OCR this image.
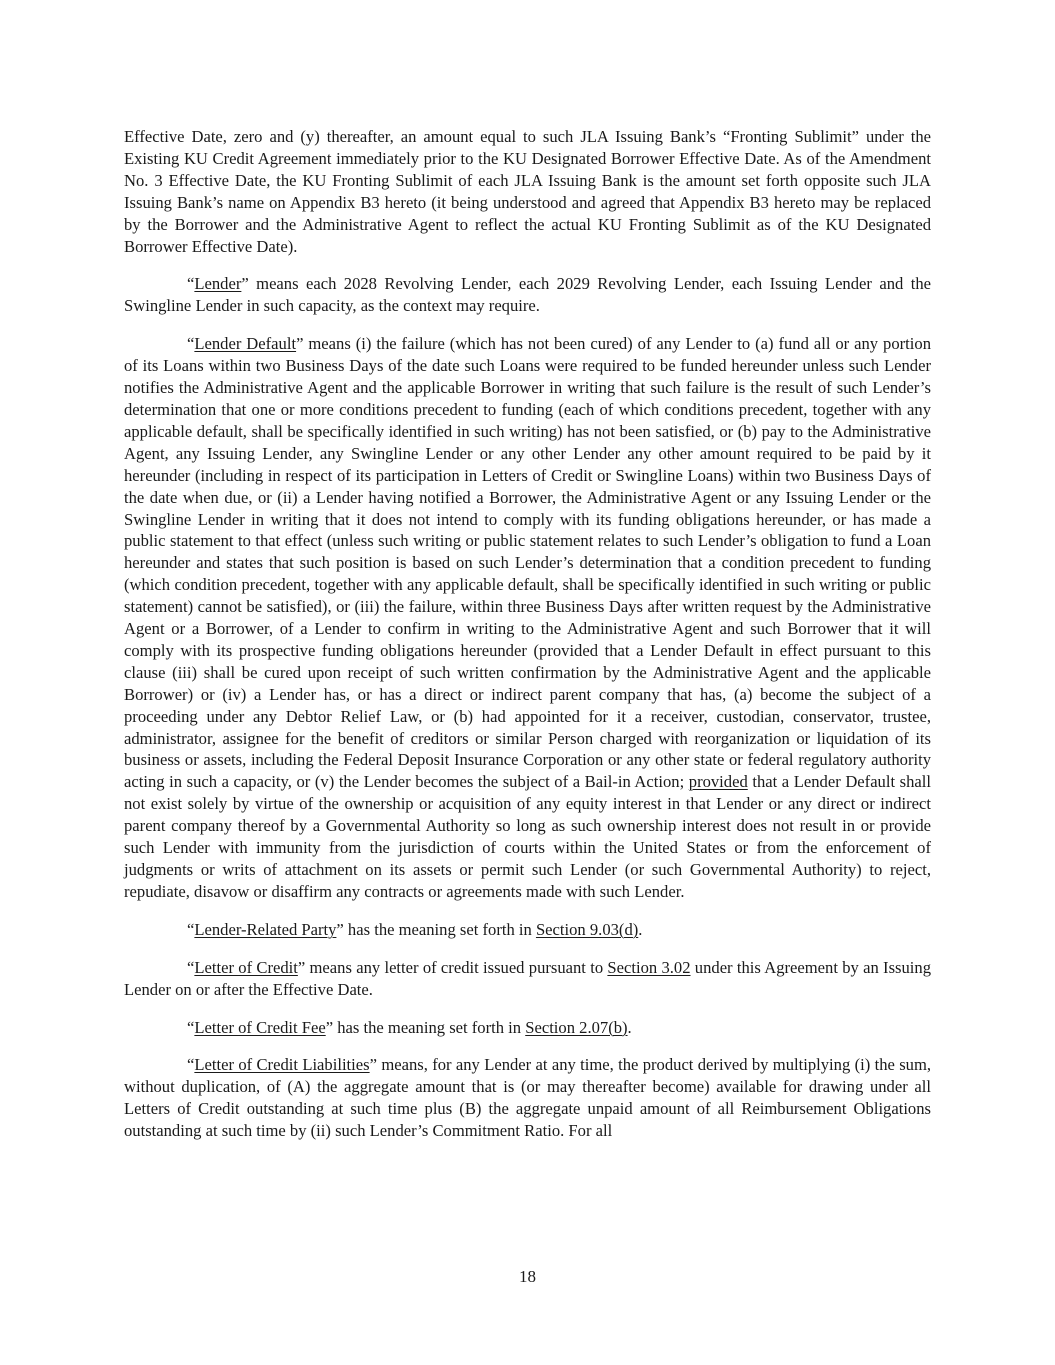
Effective Date, zero and (y) thereafter, an amount equal to such JLA Issuing Bank’s “Fronting Sublimit” under the Existing KU Credit Agreement immediately prior to the KU Designated Borrower Effective Date. As of the Amendment No. 3 Effective Date, the KU Fronting Sublimit of each JLA Issuing Bank is the amount set forth opposite such JLA Issuing Bank’s name on Appendix B3 hereto (it being understood and agreed that Appendix B3 hereto may be replaced by the Borrower and the Administrative Agent to reflect the actual KU Fronting Sublimit as of the KU Designated Borrower Effective Date).

“Lender” means each 2028 Revolving Lender, each 2029 Revolving Lender, each Issuing Lender and the Swingline Lender in such capacity, as the context may require.

“Lender Default” means (i) the failure (which has not been cured) of any Lender to (a) fund all or any portion of its Loans within two Business Days of the date such Loans were required to be funded hereunder unless such Lender notifies the Administrative Agent and the applicable Borrower in writing that such failure is the result of such Lender’s determination that one or more conditions precedent to funding (each of which conditions precedent, together with any applicable default, shall be specifically identified in such writing) has not been satisfied, or (b) pay to the Administrative Agent, any Issuing Lender, any Swingline Lender or any other Lender any other amount required to be paid by it hereunder (including in respect of its participation in Letters of Credit or Swingline Loans) within two Business Days of the date when due, or (ii) a Lender having notified a Borrower, the Administrative Agent or any Issuing Lender or the Swingline Lender in writing that it does not intend to comply with its funding obligations hereunder, or has made a public statement to that effect (unless such writing or public statement relates to such Lender’s obligation to fund a Loan hereunder and states that such position is based on such Lender’s determination that a condition precedent to funding (which condition precedent, together with any applicable default, shall be specifically identified in such writing or public statement) cannot be satisfied), or (iii) the failure, within three Business Days after written request by the Administrative Agent or a Borrower, of a Lender to confirm in writing to the Administrative Agent and such Borrower that it will comply with its prospective funding obligations hereunder (provided that a Lender Default in effect pursuant to this clause (iii) shall be cured upon receipt of such written confirmation by the Administrative Agent and the applicable Borrower) or (iv) a Lender has, or has a direct or indirect parent company that has, (a) become the subject of a proceeding under any Debtor Relief Law, or (b) had appointed for it a receiver, custodian, conservator, trustee, administrator, assignee for the benefit of creditors or similar Person charged with reorganization or liquidation of its business or assets, including the Federal Deposit Insurance Corporation or any other state or federal regulatory authority acting in such a capacity, or (v) the Lender becomes the subject of a Bail-in Action; provided that a Lender Default shall not exist solely by virtue of the ownership or acquisition of any equity interest in that Lender or any direct or indirect parent company thereof by a Governmental Authority so long as such ownership interest does not result in or provide such Lender with immunity from the jurisdiction of courts within the United States or from the enforcement of judgments or writs of attachment on its assets or permit such Lender (or such Governmental Authority) to reject, repudiate, disavow or disaffirm any contracts or agreements made with such Lender.

“Lender-Related Party” has the meaning set forth in Section 9.03(d).

“Letter of Credit” means any letter of credit issued pursuant to Section 3.02 under this Agreement by an Issuing Lender on or after the Effective Date.

“Letter of Credit Fee” has the meaning set forth in Section 2.07(b).

“Letter of Credit Liabilities” means, for any Lender at any time, the product derived by multiplying (i) the sum, without duplication, of (A) the aggregate amount that is (or may thereafter become) available for drawing under all Letters of Credit outstanding at such time plus (B) the aggregate unpaid amount of all Reimbursement Obligations outstanding at such time by (ii) such Lender’s Commitment Ratio. For all

18
